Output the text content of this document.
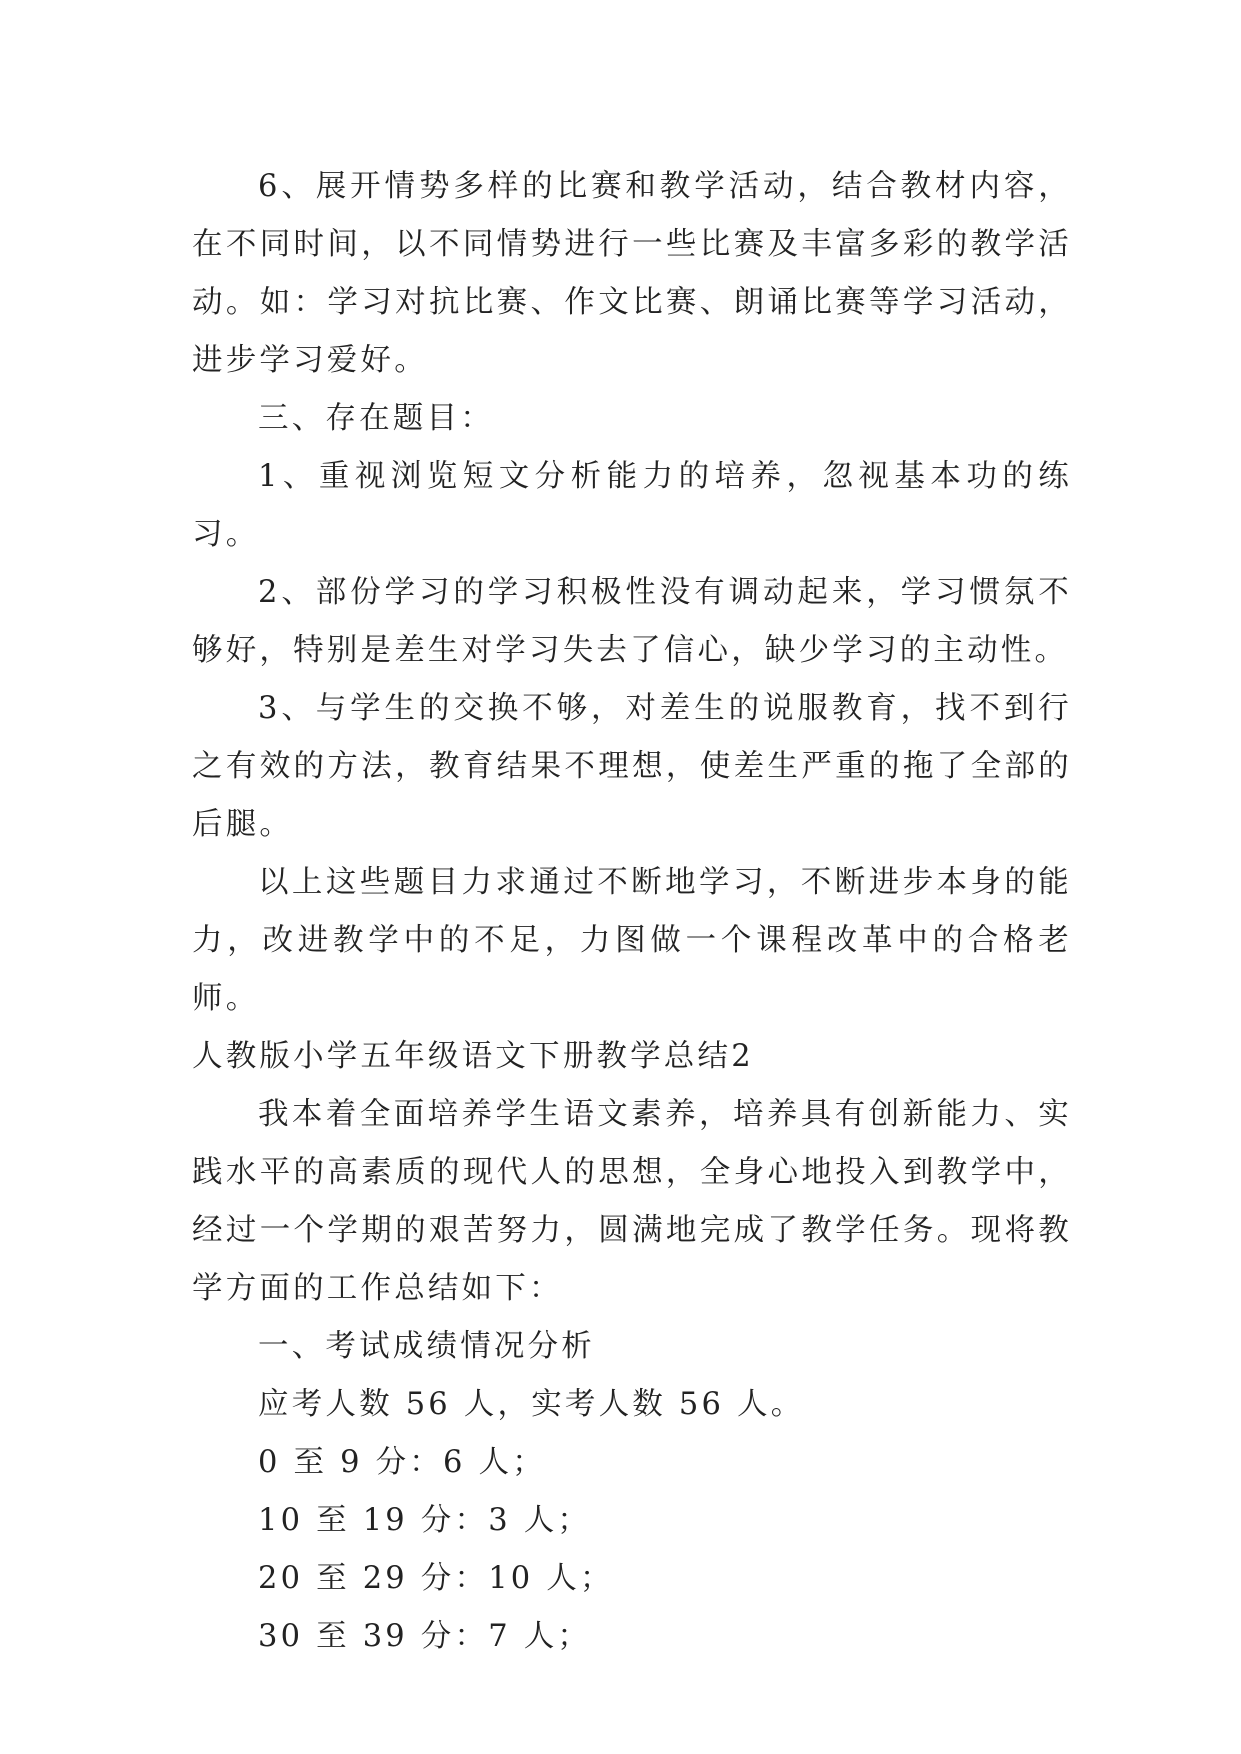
6、展开情势多样的比赛和教学活动，结合教材内容，在不同时间，以不同情势进行一些比赛及丰富多彩的教学活动。如：学习对抗比赛、作文比赛、朗诵比赛等学习活动，进步学习爱好。

三、存在题目：

1、重视浏览短文分析能力的培养，忽视基本功的练习。

2、部份学习的学习积极性没有调动起来，学习惯氛不够好，特别是差生对学习失去了信心，缺少学习的主动性。

3、与学生的交换不够，对差生的说服教育，找不到行之有效的方法，教育结果不理想，使差生严重的拖了全部的后腿。

以上这些题目力求通过不断地学习，不断进步本身的能力，改进教学中的不足，力图做一个课程改革中的合格老师。

人教版小学五年级语文下册教学总结2

我本着全面培养学生语文素养，培养具有创新能力、实践水平的高素质的现代人的思想，全身心地投入到教学中，经过一个学期的艰苦努力，圆满地完成了教学任务。现将教学方面的工作总结如下：

一、考试成绩情况分析

应考人数 56 人，实考人数 56 人。

0 至 9 分：6 人；

10 至 19 分：3 人；

20 至 29 分：10 人；

30 至 39 分：7 人；
